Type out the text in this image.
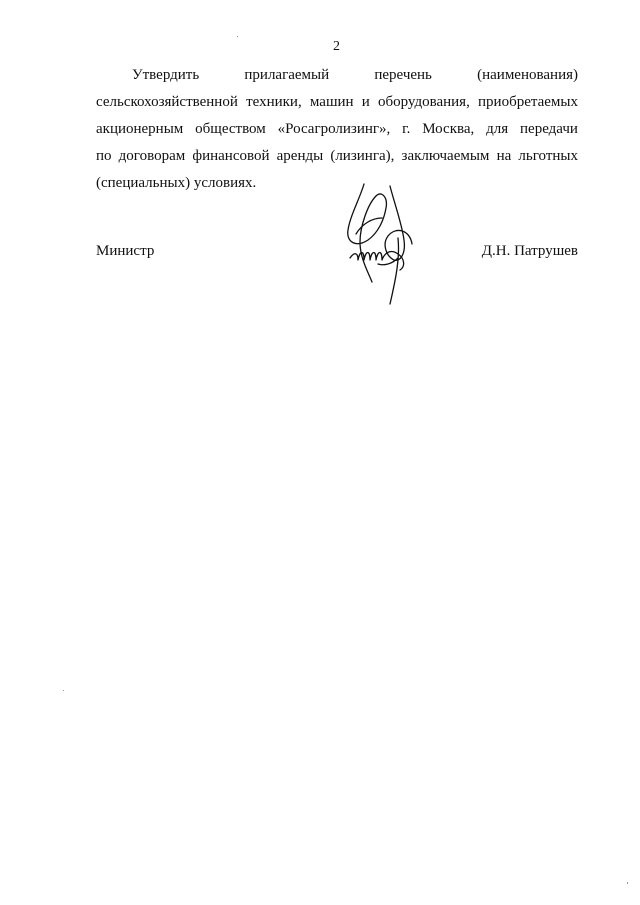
2
Утвердить	прилагаемый	перечень	(наименования)
сельскохозяйственной техники, машин и оборудования, приобретаемых
акционерным обществом «Росагролизинг», г. Москва, для передачи
по договорам финансовой аренды (лизинга), заключаемым на льготных
(специальных)
условиях.
Министр	Д.Н. Патрушев
